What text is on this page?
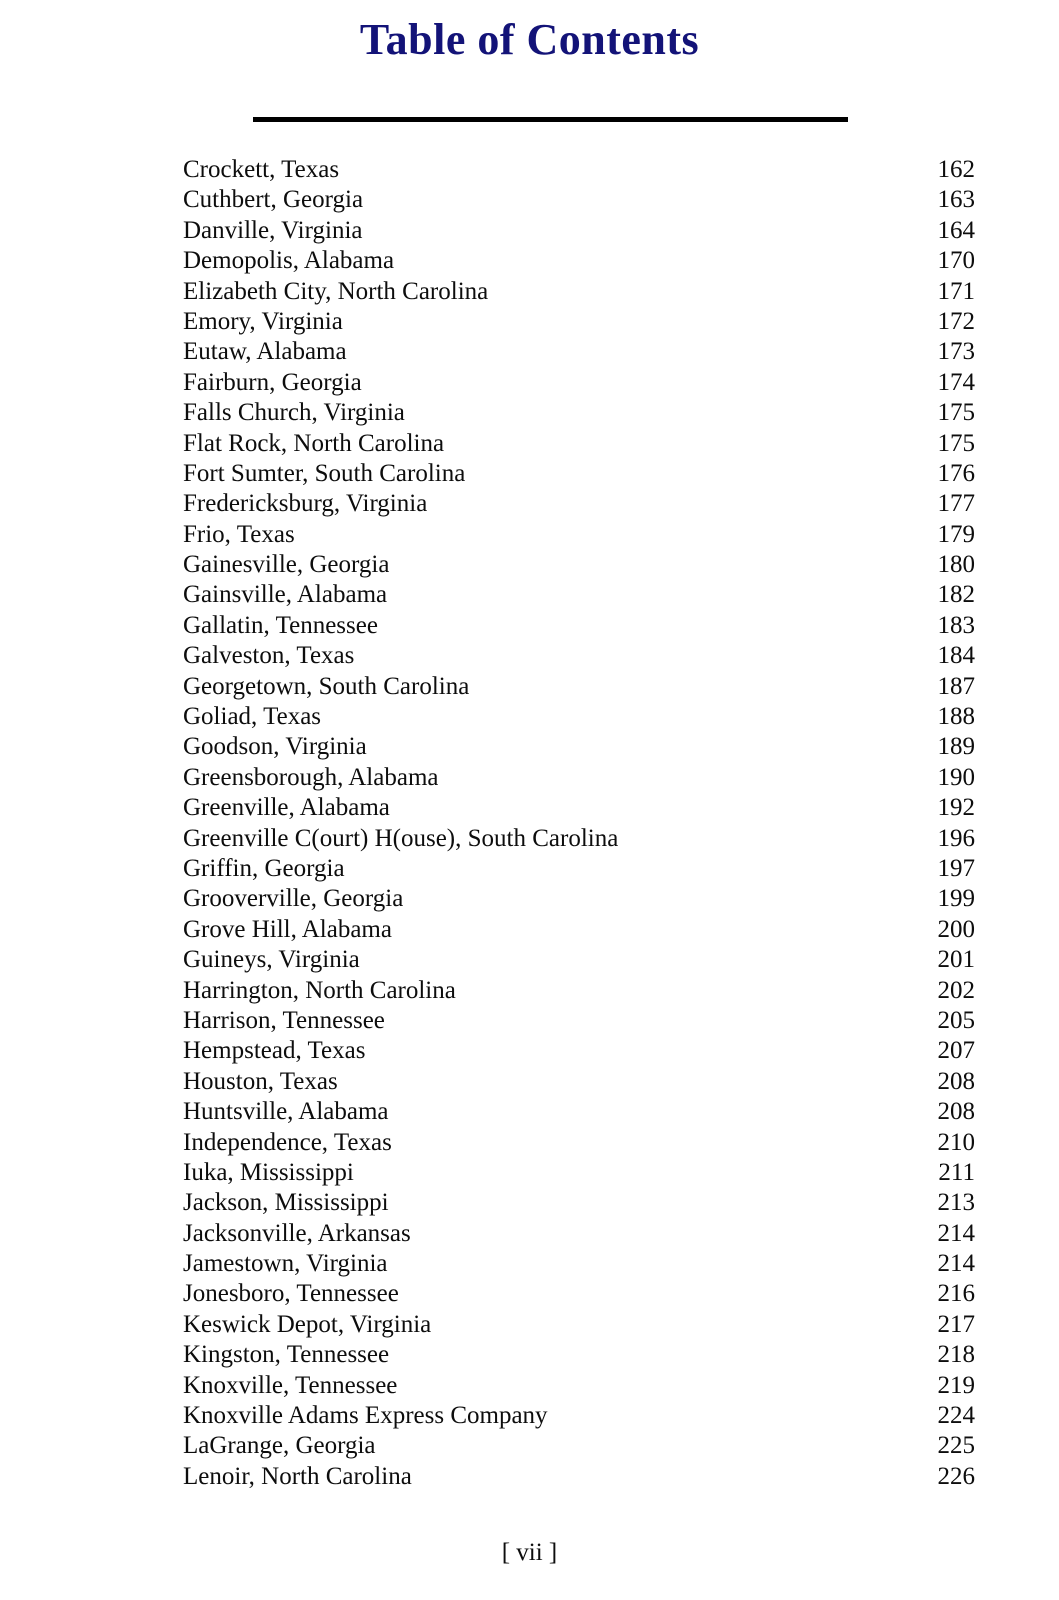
Table of Contents
Crockett, Texas	162
Cuthbert, Georgia	163
Danville, Virginia	164
Demopolis, Alabama	170
Elizabeth City, North Carolina	171
Emory, Virginia	172
Eutaw, Alabama	173
Fairburn, Georgia	174
Falls Church, Virginia	175
Flat Rock, North Carolina	175
Fort Sumter, South Carolina	176
Fredericksburg, Virginia	177
Frio, Texas	179
Gainesville, Georgia	180
Gainsville, Alabama	182
Gallatin, Tennessee	183
Galveston, Texas	184
Georgetown, South Carolina	187
Goliad, Texas	188
Goodson, Virginia	189
Greensborough, Alabama	190
Greenville, Alabama	192
Greenville C(ourt) H(ouse), South Carolina	196
Griffin, Georgia	197
Grooverville, Georgia	199
Grove Hill, Alabama	200
Guineys, Virginia	201
Harrington, North Carolina	202
Harrison, Tennessee	205
Hempstead, Texas	207
Houston, Texas	208
Huntsville, Alabama	208
Independence, Texas	210
Iuka, Mississippi	211
Jackson, Mississippi	213
Jacksonville, Arkansas	214
Jamestown, Virginia	214
Jonesboro, Tennessee	216
Keswick Depot, Virginia	217
Kingston, Tennessee	218
Knoxville, Tennessee	219
Knoxville Adams Express Company	224
LaGrange, Georgia	225
Lenoir, North Carolina	226
[ vii ]
